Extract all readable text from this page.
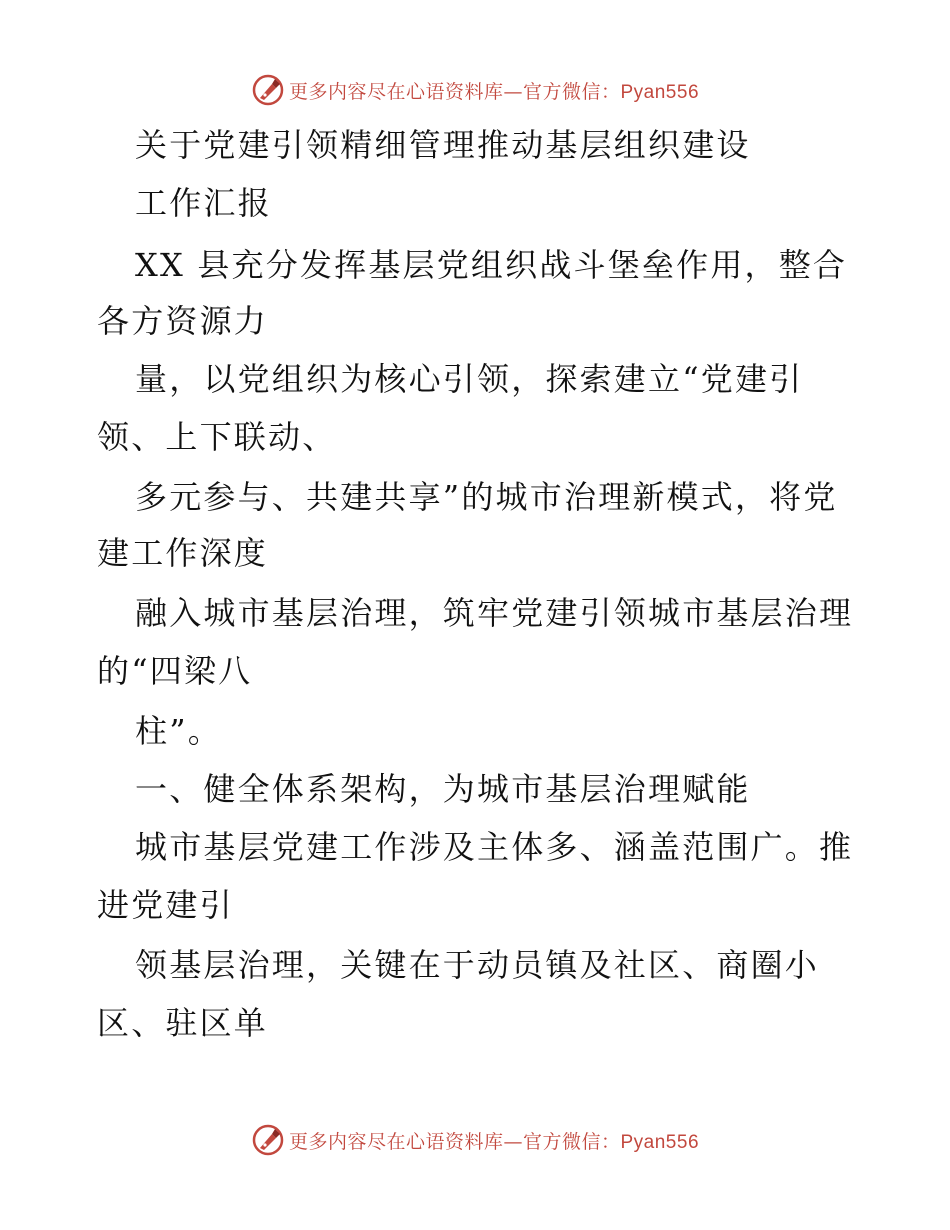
更多内容尽在心语资料库—官方微信：Pyan556
关于党建引领精细管理推动基层组织建设
工作汇报
XX 县充分发挥基层党组织战斗堡垒作用，整合
各方资源力
量，以党组织为核心引领，探索建立“党建引
领、上下联动、
多元参与、共建共享”的城市治理新模式，将党
建工作深度
融入城市基层治理，筑牢党建引领城市基层治理
的“四梁八
柱”。
一、健全体系架构，为城市基层治理赋能
城市基层党建工作涉及主体多、涵盖范围广。推
进党建引
领基层治理，关键在于动员镇及社区、商圈小
区、驻区单
更多内容尽在心语资料库—官方微信：Pyan556
